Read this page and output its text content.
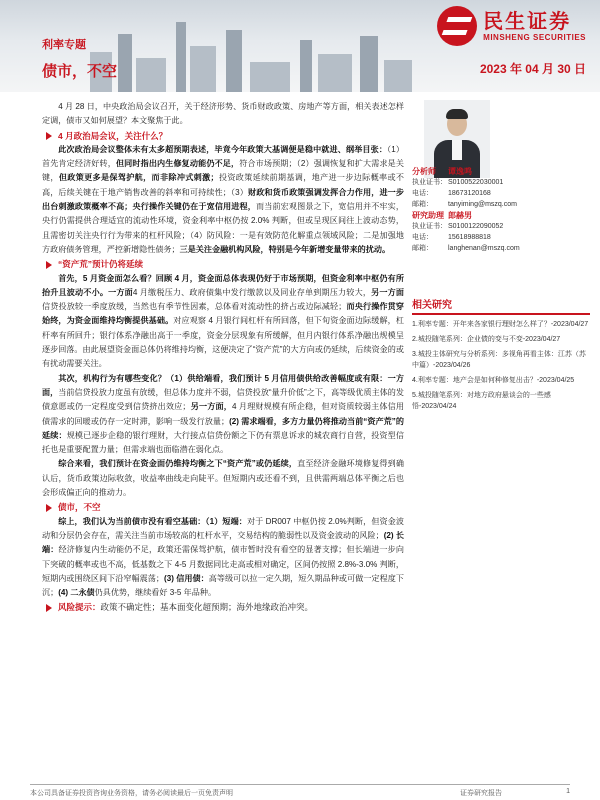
民生证券
MINSHENG SECURITIES
利率专题
债市，不空	2023 年 04 月 30 日

4 月 28 日，中央政治局会议召开，关于经济形势、货币财政政策、房地产等方面，相关表述怎样定调，债市又如何展望？本文聚焦于此。

4 月政治局会议，关注什么？

此次政治局会议整体未有太多超预期表述，毕竟今年政策大基调便是稳中就进、纲举目张：（1）首先肯定经济好转，但同时指出内生修复动能仍不足，符合市场预期；（2）强调恢复和扩大需求是关键，但政策更多是保驾护航，而非除冲式刺激；投资政策延续前期基调，地产进一步边际概率或不高，后续关键在于地产销售改善的斜率和可持续性；（3）财政和货币政策强调发挥合力作用，进一步出台刺激政策概率不高；央行操作关键仍在于宽信用进程，而当前宏观图景之下，宽信用并不牢实，央行仍需提供合理适宜的流动性环境，资金利率中枢仍按 2.0% 判断，但或呈现区间往上波动态势，且需密切关注央行行为带来的杠杆风险；（4）防风险：一是有效防范化解重点领域风险；二是加强地方政府债务管理，严控新增隐性债务；三是关注金融机构风险，特别是今年新增变量带来的扰动。

“资产荒”预计仍将延续

首先，5 月资金面怎么看？回顾 4 月，资金面总体表现仍好于市场预期，但资金利率中枢仍有所抬升且波动不小。一方面4 月缴税压力、政府债集中发行缴款以及同业存单到期压力较大，另一方面信贷投放较一季度放缓，当然也有季节性因素，总体看对流动性的挤占或边际减轻；而央行操作贯穿始终，为资金面维持均衡提供基础。对应观察 4 月银行间杠杆有所回落，但下旬资金面边际缓解，杠杆率有所回升；银行体系净融出高于一季度，资金分层现象有所缓解，但月内银行体系净融出规模呈逐步回落。由此展望资金面总体仍将维持均衡，这便决定了“资产荒”的大方向或仍延续，后续资金的或有扰动需要关注。

其次，机构行为有哪些变化？（1）供给端看，我们预计 5 月信用债供给改善幅度或有限：一方面，当前信贷投放力度虽有放缓，但总体力度并不弱，信贷投放“量升价低”之下，高等级优质主体的发债意愿或仍一定程度受到信贷挤出效应；另一方面，4 月理财规模有所企稳，但对资质较弱主体信用债需求的回暖或仍存一定时滞，影响一级发行放量；(2) 需求端看，多方力量仍将推动当前“资产荒”的延续：规模已逐步企稳的银行理财，大行接点信贷份额之下仍有票息诉求的城农商行自营，投资型信托也是重要配置力量；但需求端也面临潜在弱化点。

综合来看，我们预计在资金面仍维持均衡之下“资产荒”或仍延续，直至经济金融环境修复得到确认后，货币政策边际收敛，收益率曲线走向陡平。但短期内或还看不到，且供需两端总体平衡之后也会形成偏正向的推动力。

债市，不空

综上，我们认为当前债市没有看空基础：（1）短端：对于 DR007 中枢仍按 2.0%判断，但资金波动和分层仍会存在，需关注当前市场较高的杠杆水平，交易结构的脆弱性以及资金波动的风险；(2) 长端：经济修复内生动能仍不足，政策还需保驾护航，债市暂时没有看空的显著支撑；但长端进一步向下突破的概率或也不高，低基数之下 4-5 月数据同比走高或相对确定，区间仍按照 2.8%-3.0% 判断，短期内或围绕区间下沿窄幅震荡；(3) 信用债：高等级可以拉一定久期，短久期品种或可做一定程度下沉；(4) 二永债仍具优势，继续看好 3-5 年品种。

风险提示：政策不确定性；基本面变化超预期；海外地缘政治冲突。

分析师	谭逸鸣
执业证书： S0100522030001
电话：	18673120168
邮箱：	tanyiming@mszq.com
研究助理 郎赫男
执业证书： S0100122090052
电话：	15618988818
邮箱：	langhenan@mszq.com
相关研究
1.利率专题：开年来各家银行理财怎么样了？-2023/04/27
2.城投随笔系列：企业债的变与不变-2023/04/27
3.城投主体研究与分析系列：多视角再看主体：江苏（苏中篇）-2023/04/26
4.利率专题：地产会是如何种修复出击？-2023/04/25
5.城投随笔系列：对地方政府悬谈会的一些感悟-2023/04/24
本公司具备证券投资咨询业务资格，请务必阅读最后一页免责声明	证券研究报告	1
